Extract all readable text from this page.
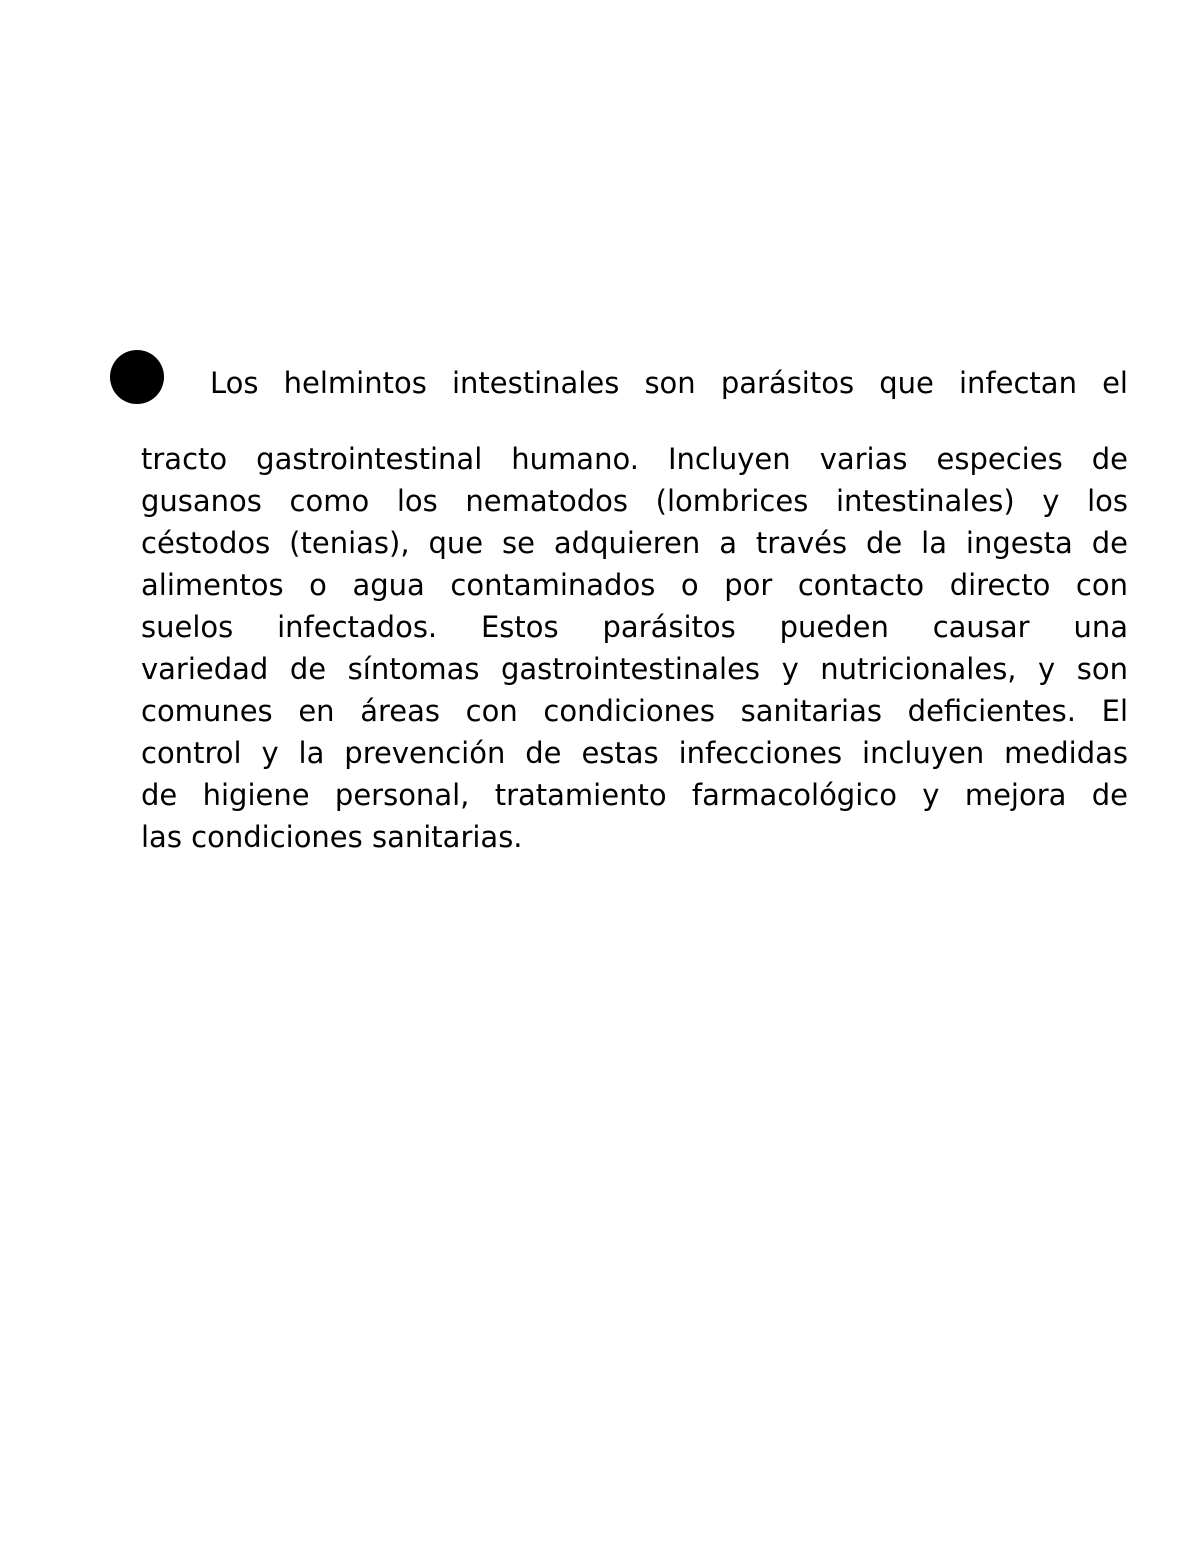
Los helmintos intestinales son parásitos que infectan el

tracto gastrointestinal humano. Incluyen varias especies de

gusanos como los nematodos (lombrices intestinales) y los

céstodos (tenias), que se adquieren a través de la ingesta de

alimentos o agua contaminados o por contacto directo con

suelos infectados. Estos parásitos pueden causar una

variedad de síntomas gastrointestinales y nutricionales, y son

comunes en áreas con condiciones sanitarias deficientes. El

control y la prevención de estas infecciones incluyen medidas

de higiene personal, tratamiento farmacológico y mejora de

las condiciones sanitarias.
